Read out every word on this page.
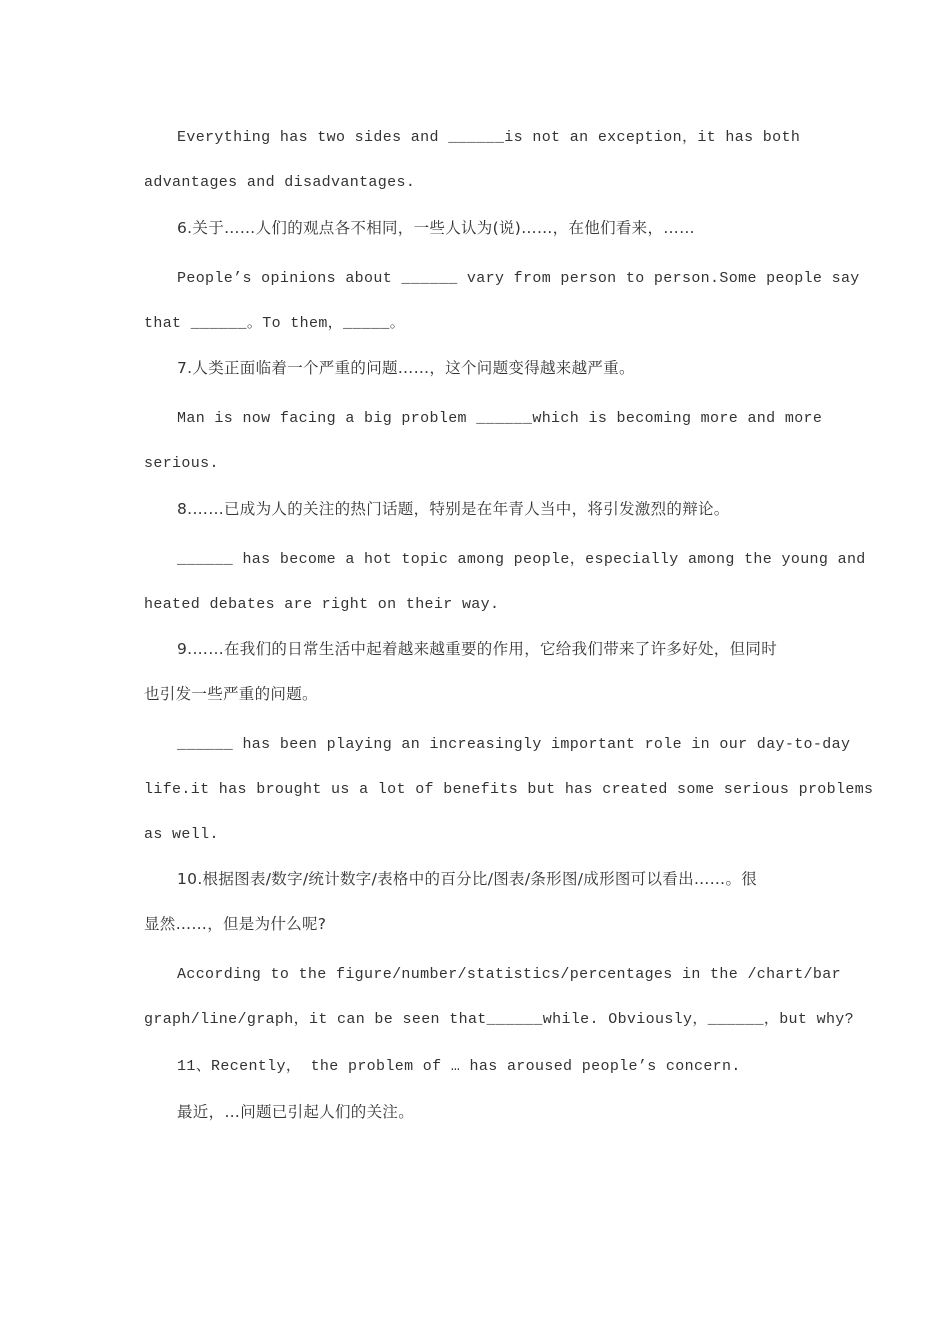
Everything has two sides and ______is not an exception，it has both

advantages and disadvantages.

6.关于……人们的观点各不相同，一些人认为(说)……，在他们看来，……

People’s opinions about ______ vary from person to person.Some people say

that ______。To them，_____。

7.人类正面临着一个严重的问题……，这个问题变得越来越严重。

Man is now facing a big problem ______which is becoming more and more

serious.

8.……已成为人的关注的热门话题，特别是在年青人当中，将引发激烈的辩论。

______ has become a hot topic among people，especially among the young and

heated debates are right on their way.

9.……在我们的日常生活中起着越来越重要的作用，它给我们带来了许多好处，但同时

也引发一些严重的问题。

______ has been playing an increasingly important role in our day-to-day

life.it has brought us a lot of benefits but has created some serious problems

as well.

10.根据图表/数字/统计数字/表格中的百分比/图表/条形图/成形图可以看出……。很

显然……，但是为什么呢?

According to the figure/number/statistics/percentages in the /chart/bar

graph/line/graph，it can be seen that______while. Obviously，______，but why?

11、Recently， the problem of … has aroused people’s concern.

最近，…问题已引起人们的关注。
